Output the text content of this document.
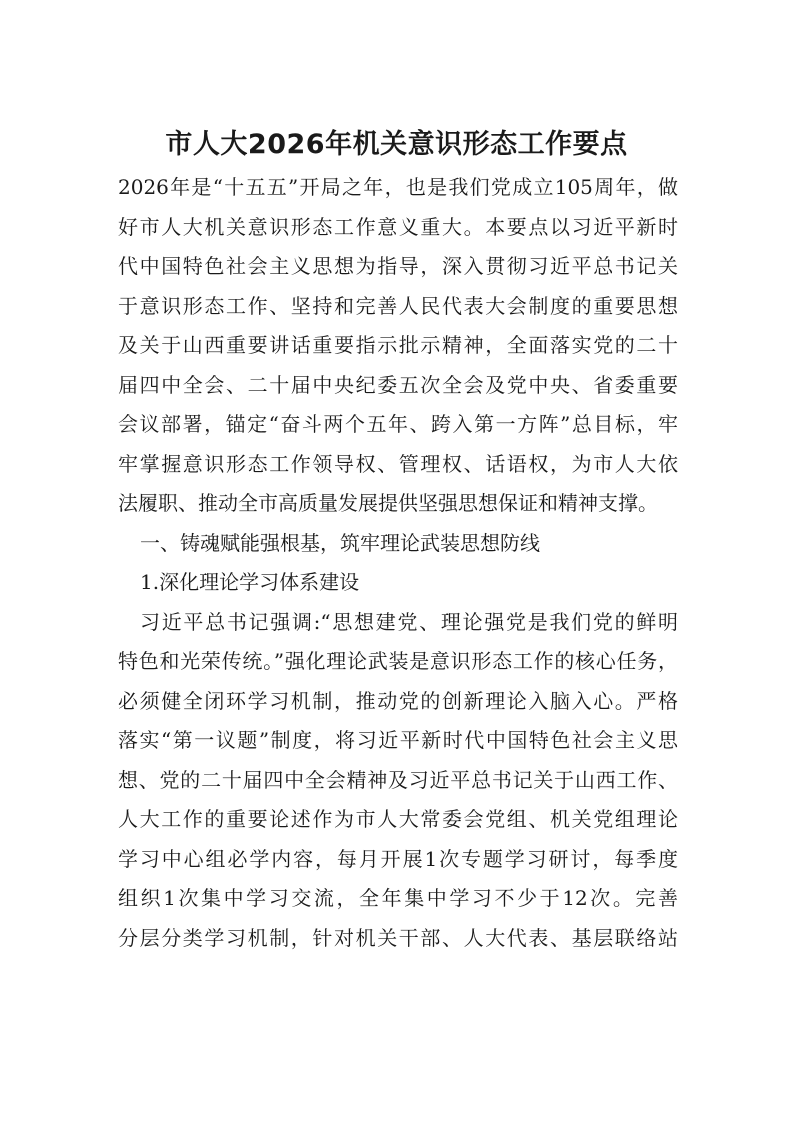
市人大2026年机关意识形态工作要点
2026年是“十五五”开局之年，也是我们党成立105周年，做
好市人大机关意识形态工作意义重大。本要点以习近平新时
代中国特色社会主义思想为指导，深入贯彻习近平总书记关
于意识形态工作、坚持和完善人民代表大会制度的重要思想
及关于山西重要讲话重要指示批示精神，全面落实党的二十
届四中全会、二十届中央纪委五次全会及党中央、省委重要
会议部署，锚定“奋斗两个五年、跨入第一方阵”总目标，牢
牢掌握意识形态工作领导权、管理权、话语权，为市人大依
法履职、推动全市高质量发展提供坚强思想保证和精神支撑。
一、铸魂赋能强根基，筑牢理论武装思想防线
1.深化理论学习体系建设
习近平总书记强调:“思想建党、理论强党是我们党的鲜明
特色和光荣传统。”强化理论武装是意识形态工作的核心任务，
必须健全闭环学习机制，推动党的创新理论入脑入心。严格
落实“第一议题”制度，将习近平新时代中国特色社会主义思
想、党的二十届四中全会精神及习近平总书记关于山西工作、
人大工作的重要论述作为市人大常委会党组、机关党组理论
学习中心组必学内容，每月开展1次专题学习研讨，每季度
组织1次集中学习交流，全年集中学习不少于12次。完善
分层分类学习机制，针对机关干部、人大代表、基层联络站
